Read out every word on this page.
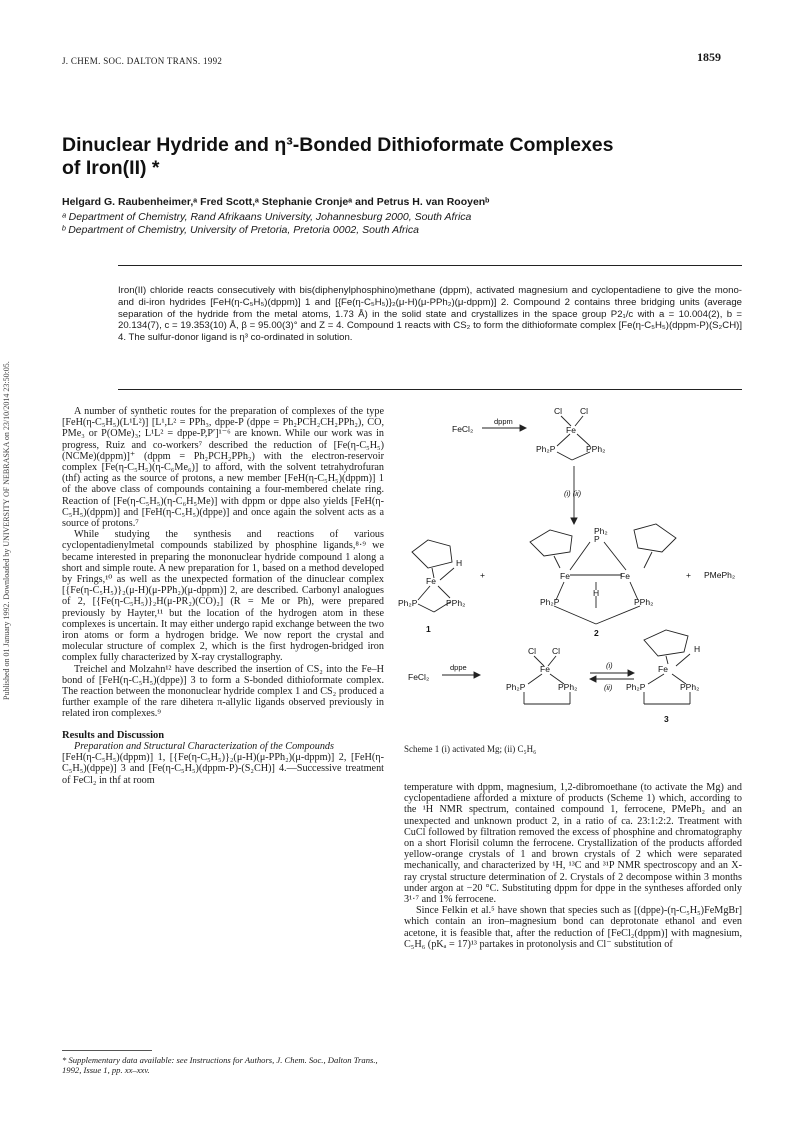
Published on 01 January 1992. Downloaded by UNIVERSITY OF NEBRASKA on 23/10/2014 23:50:05.
J. CHEM. SOC. DALTON TRANS. 1992	1859
Dinuclear Hydride and η³-Bonded Dithioformate Complexes
of Iron(II) *
Helgard G. Raubenheimer,ᵃ Fred Scott,ᵃ Stephanie Cronjeᵃ and Petrus H. van Rooyenᵇ
ᵃ Department of Chemistry, Rand Afrikaans University, Johannesburg 2000, South Africa
ᵇ Department of Chemistry, University of Pretoria, Pretoria 0002, South Africa
Iron(II) chloride reacts consecutively with bis(diphenylphosphino)methane (dppm), activated magnesium and cyclopentadiene to give the mono- and di-iron hydrides [FeH(η-C₅H₅)(dppm)] 1 and [{Fe(η-C₅H₅)}₂(μ-H)(μ-PPh₂)(μ-dppm)] 2. Compound 2 contains three bridging units (average separation of the hydride from the metal atoms, 1.73 Å) in the solid state and crystallizes in the space group P2₁/c with a = 10.004(2), b = 20.134(7), c = 19.353(10) Å, β = 95.00(3)° and Z = 4. Compound 1 reacts with CS₂ to form the dithioformate complex [Fe(η-C₅H₅)(dppm-P)(S₂CH)] 4. The sulfur-donor ligand is η³ co-ordinated in solution.

A number of synthetic routes for the preparation of complexes of the type [FeH(η-C₅H₅)(L¹L²)] [L¹,L² = PPh₃, dppe-P (dppe = Ph₂PCH₂CH₂PPh₂), CO, PMe₃ or P(OMe)₃; L¹L² = dppe-P,P′]¹⁻⁶ are known. While our work was in progress, Ruiz and co-workers⁷ described the reduction of [Fe(η-C₅H₅)(NCMe)(dppm)]⁺ (dppm = Ph₂PCH₂PPh₂) with the electron-reservoir complex [Fe(η-C₅H₅)(η-C₆Me₆)] to afford, with the solvent tetrahydrofuran (thf) acting as the source of protons, a new member [FeH(η-C₅H₅)(dppm)] 1 of the above class of compounds containing a four-membered chelate ring. Reaction of [Fe(η-C₅H₅)(η-C₆H₅Me)] with dppm or dppe also yields [FeH(η-C₅H₅)(dppm)] and [FeH(η-C₅H₅)(dppe)] and once again the solvent acts as a source of protons.⁷

While studying the synthesis and reactions of various cyclopentadienylmetal compounds stabilized by phosphine ligands,⁸·⁹ we became interested in preparing the mononuclear hydride compound 1 along a short and simple route. A new preparation for 1, based on a method developed by Frings,¹⁰ as well as the unexpected formation of the dinuclear complex [{Fe(η-C₅H₅)}₂(μ-H)(μ-PPh₂)(μ-dppm)] 2, are described. Carbonyl analogues of 2, [{Fe(η-C₅H₅)}₂H(μ-PR₂)(CO)₂] (R = Me or Ph), were prepared previously by Hayter,¹¹ but the location of the hydrogen atom in these complexes is uncertain. It may either undergo rapid exchange between the two iron atoms or form a hydrogen bridge. We now report the crystal and molecular structure of complex 2, which is the first hydrogen-bridged iron complex fully characterized by X-ray crystallography.

Treichel and Molzahn¹² have described the insertion of CS₂ into the Fe–H bond of [FeH(η-C₅H₅)(dppe)] 3 to form a S-bonded dithioformate complex. The reaction between the mononuclear hydride complex 1 and CS₂ produced a further example of the rare dihetera π-allylic ligands observed previously in related iron complexes.⁹

Results and Discussion

Preparation and Structural Characterization of the Compounds

[FeH(η-C₅H₅)(dppm)] 1, [{Fe(η-C₅H₅)}₂(μ-H)(μ-PPh₂)(μ-dppm)] 2, [FeH(η-C₅H₅)(dppe)] 3 and [Fe(η-C₅H₅)(dppm-P)-(S₂CH)] 4.—Successive treatment of FeCl₂ in thf at room

* Supplementary data available: see Instructions for Authors, J. Chem. Soc., Dalton Trans., 1992, Issue 1, pp. xx–xxv.
FeCl₂
dppm
Cl Cl
Fe
Ph₂P	PPh₂
(i) (ii)
Fe
H
Ph₂P	PPh₂
+
Ph₂
P
Fe	Fe
H
Ph₂P	PPh₂
+ PMePh₂
1	2
FeCl₂
dppe
Cl Cl
Fe
Ph₂P	PPh₂
(i)
(ii)
Fe
H
Ph₂P	PPh₂
3
Scheme 1 (i) activated Mg; (ii) C₅H₆

temperature with dppm, magnesium, 1,2-dibromoethane (to activate the Mg) and cyclopentadiene afforded a mixture of products (Scheme 1) which, according to the ¹H NMR spectrum, contained compound 1, ferrocene, PMePh₂ and an unexpected and unknown product 2, in a ratio of ca. 23:1:2:2. Treatment with CuCl followed by filtration removed the excess of phosphine and chromatography on a short Florisil column the ferrocene. Crystallization of the products afforded yellow-orange crystals of 1 and brown crystals of 2 which were separated mechanically, and characterized by ¹H, ¹³C and ³¹P NMR spectroscopy and an X-ray crystal structure determination of 2. Crystals of 2 decompose within 3 months under argon at −20 °C. Substituting dppm for dppe in the syntheses afforded only 3¹·⁷ and 1% ferrocene.

Since Felkin et al.⁵ have shown that species such as [(dppe)-(η-C₅H₅)FeMgBr] which contain an iron–magnesium bond can deprotonate ethanol and even acetone, it is feasible that, after the reduction of [FeCl₂(dppm)] with magnesium, C₅H₆ (pKₐ = 17)¹³ partakes in protonolysis and Cl⁻ substitution of
